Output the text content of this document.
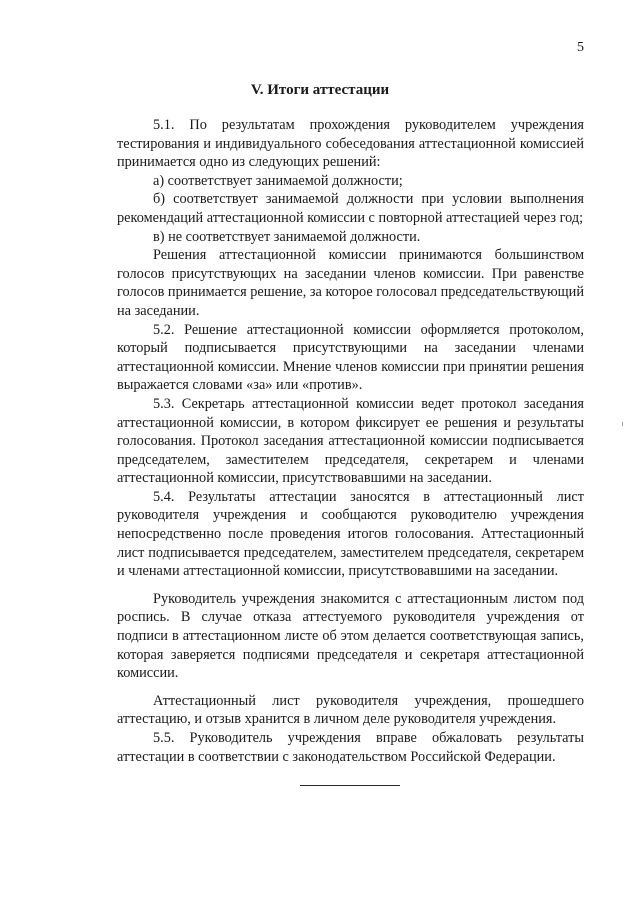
5
V. Итоги аттестации

5.1. По результатам прохождения руководителем учреждения тестирования и индивидуального собеседования аттестационной комиссией принимается одно из следующих решений:

а) соответствует занимаемой должности;

б) соответствует занимаемой должности при условии выполнения рекомендаций аттестационной комиссии с повторной аттестацией через год;

в) не соответствует занимаемой должности.

Решения аттестационной комиссии принимаются большинством голосов присутствующих на заседании членов комиссии. При равенстве голосов принимается решение, за которое голосовал председательствующий на заседании.

5.2. Решение аттестационной комиссии оформляется протоколом, который подписывается присутствующими на заседании членами аттестационной комиссии. Мнение членов комиссии при принятии решения выражается словами «за» или «против».

5.3. Секретарь аттестационной комиссии ведет протокол заседания аттестационной комиссии, в котором фиксирует ее решения и результаты голосования. Протокол заседания аттестационной комиссии подписывается председателем, заместителем председателя, секретарем и членами аттестационной комиссии, присутствовавшими на заседании.

5.4. Результаты аттестации заносятся в аттестационный лист руководителя учреждения и сообщаются руководителю учреждения непосредственно после проведения итогов голосования. Аттестационный лист подписывается председателем, заместителем председателя, секретарем и членами аттестационной комиссии, присутствовавшими на заседании.

Руководитель учреждения знакомится с аттестационным листом под роспись. В случае отказа аттестуемого руководителя учреждения от подписи в аттестационном листе об этом делается соответствующая запись, которая заверяется подписями председателя и секретаря аттестационной комиссии.

Аттестационный лист руководителя учреждения, прошедшего аттестацию, и отзыв хранится в личном деле руководителя учреждения.

5.5. Руководитель учреждения вправе обжаловать результаты аттестации в соответствии с законодательством Российской Федерации.
